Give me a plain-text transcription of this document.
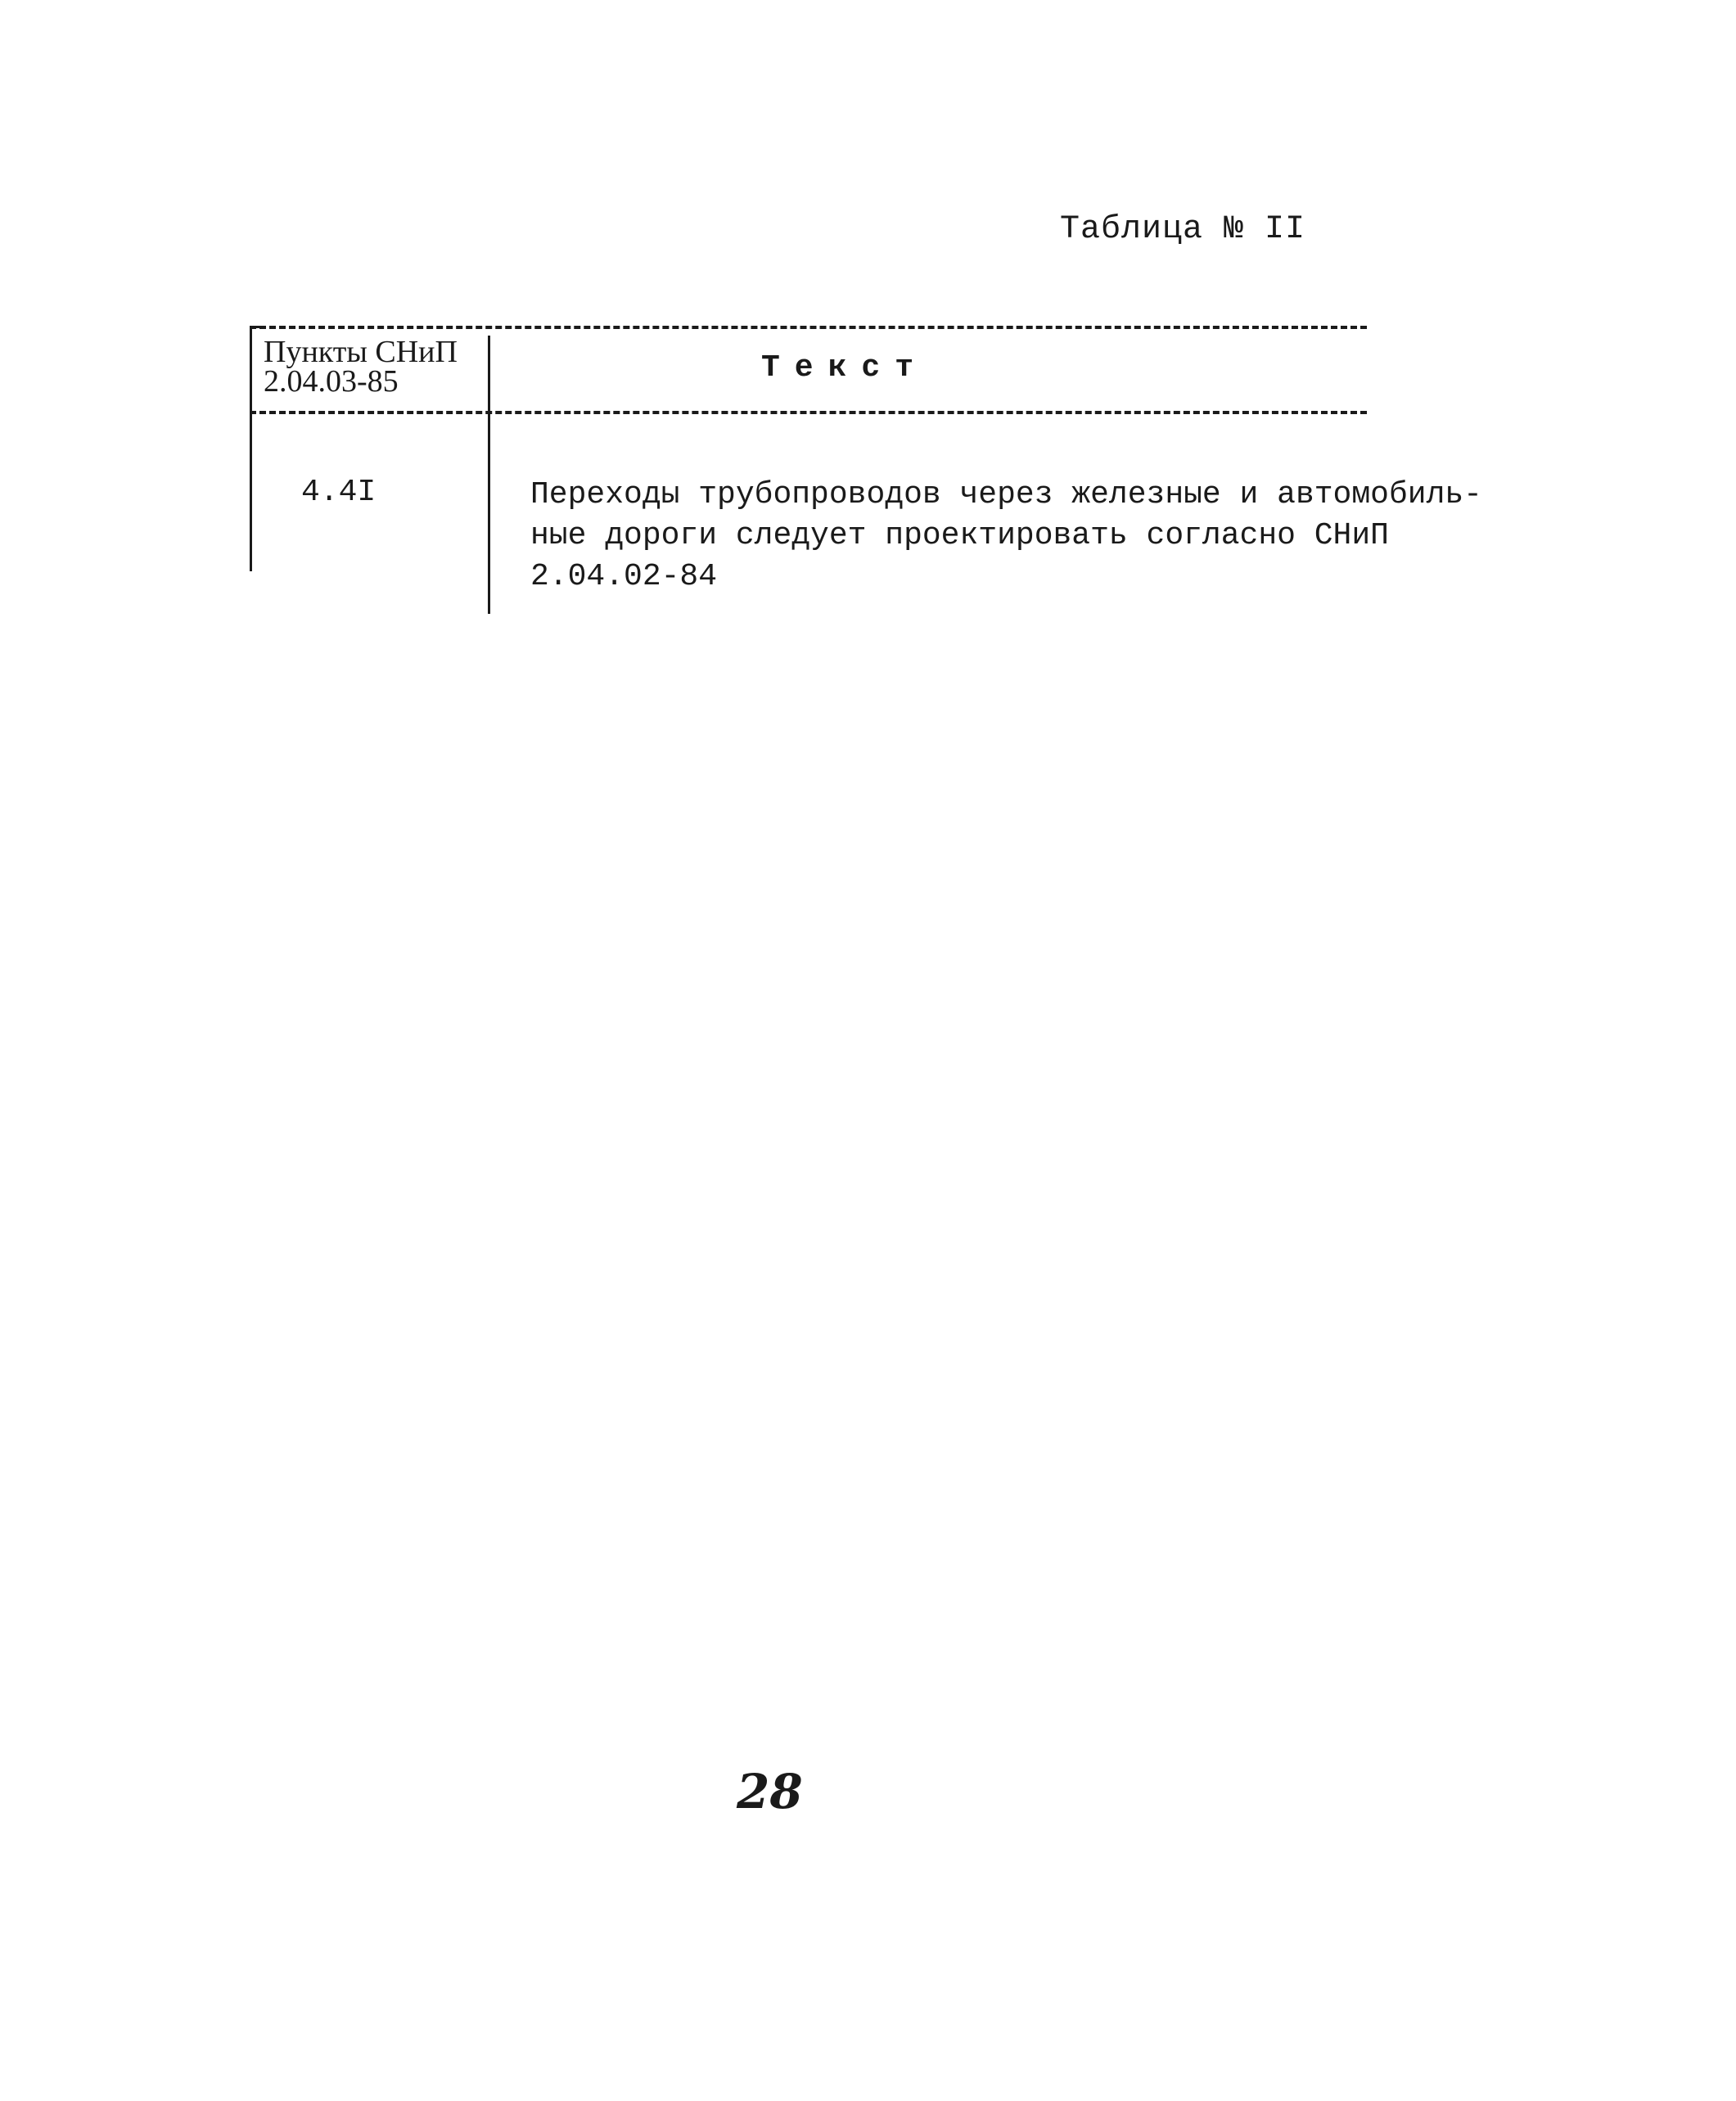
Таблица № II
Пункты СНиП
2.04.03-85	Текст
4.4I	Переходы трубопроводов через железные и автомобиль-
ные дороги следует проектировать согласно СНиП
2.04.02-84
28
